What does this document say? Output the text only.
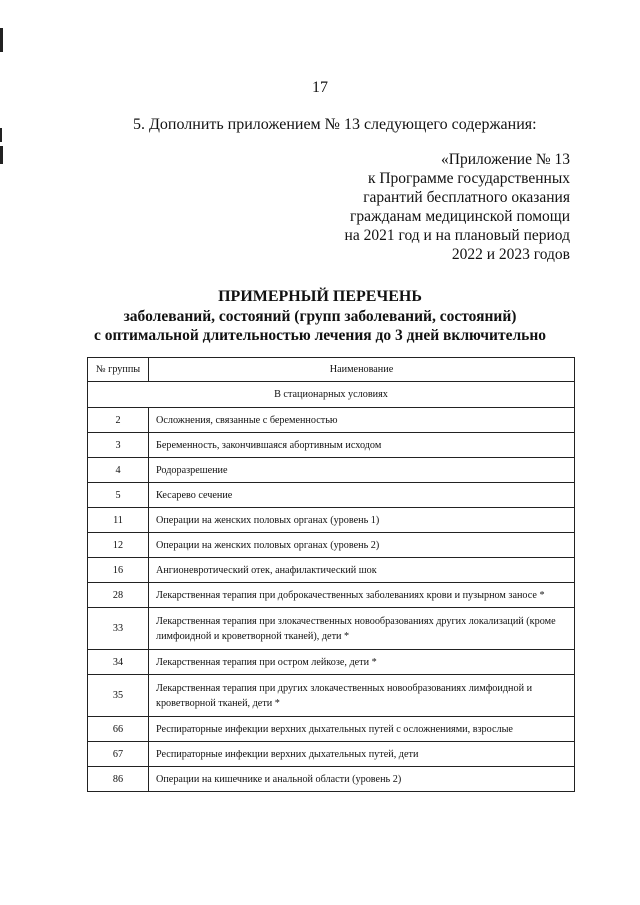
17
5. Дополнить приложением № 13 следующего содержания:
«Приложение № 13
к Программе государственных
гарантий бесплатного оказания
гражданам медицинской помощи
на 2021 год и на плановый период
2022 и 2023 годов
ПРИМЕРНЫЙ ПЕРЕЧЕНЬ
заболеваний, состояний (групп заболеваний, состояний)
с оптимальной длительностью лечения до 3 дней включительно
№ группы	Наименование
В стационарных условиях	
2	Осложнения, связанные с беременностью
3	Беременность, закончившаяся абортивным исходом
4	Родоразрешение
5	Кесарево сечение
11	Операции на женских половых органах (уровень 1)
12	Операции на женских половых органах (уровень 2)
16	Ангионевротический отек, анафилактический шок
28	Лекарственная терапия при доброкачественных заболеваниях крови и пузырном заносе *
33	Лекарственная терапия при злокачественных новообразованиях других локализаций (кроме лимфоидной и кроветворной тканей), дети *
34	Лекарственная терапия при остром лейкозе, дети *
35	Лекарственная терапия при других злокачественных новообразованиях лимфоидной и кроветворной тканей, дети *
66	Респираторные инфекции верхних дыхательных путей с осложнениями, взрослые
67	Респираторные инфекции верхних дыхательных путей, дети
86	Операции на кишечнике и анальной области (уровень 2)
